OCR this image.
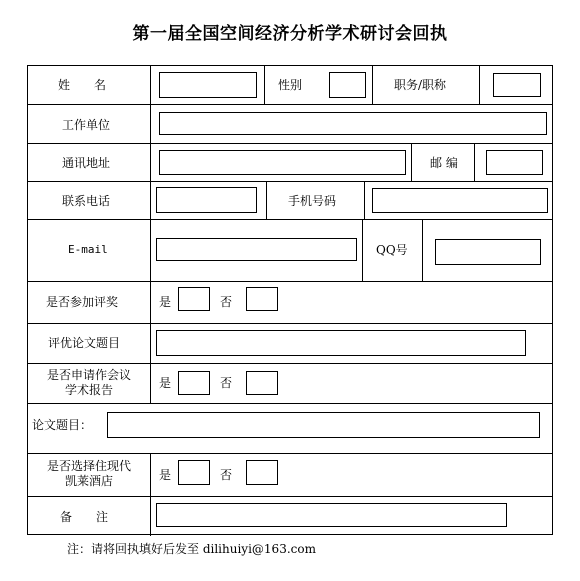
第一届全国空间经济分析学术研讨会回执
姓　　名	性别	职务/职称
工作单位
通讯地址	邮 编
联系电话	手机号码
E-mail	QQ号
是否参加评奖	是	否
评优论文题目
是否申请作会议
学术报告	是	否
论文题目：
是否选择住现代
凯莱酒店	是	否
备　　注
注：请将回执填好后发至 dilihuiyi@163.com
